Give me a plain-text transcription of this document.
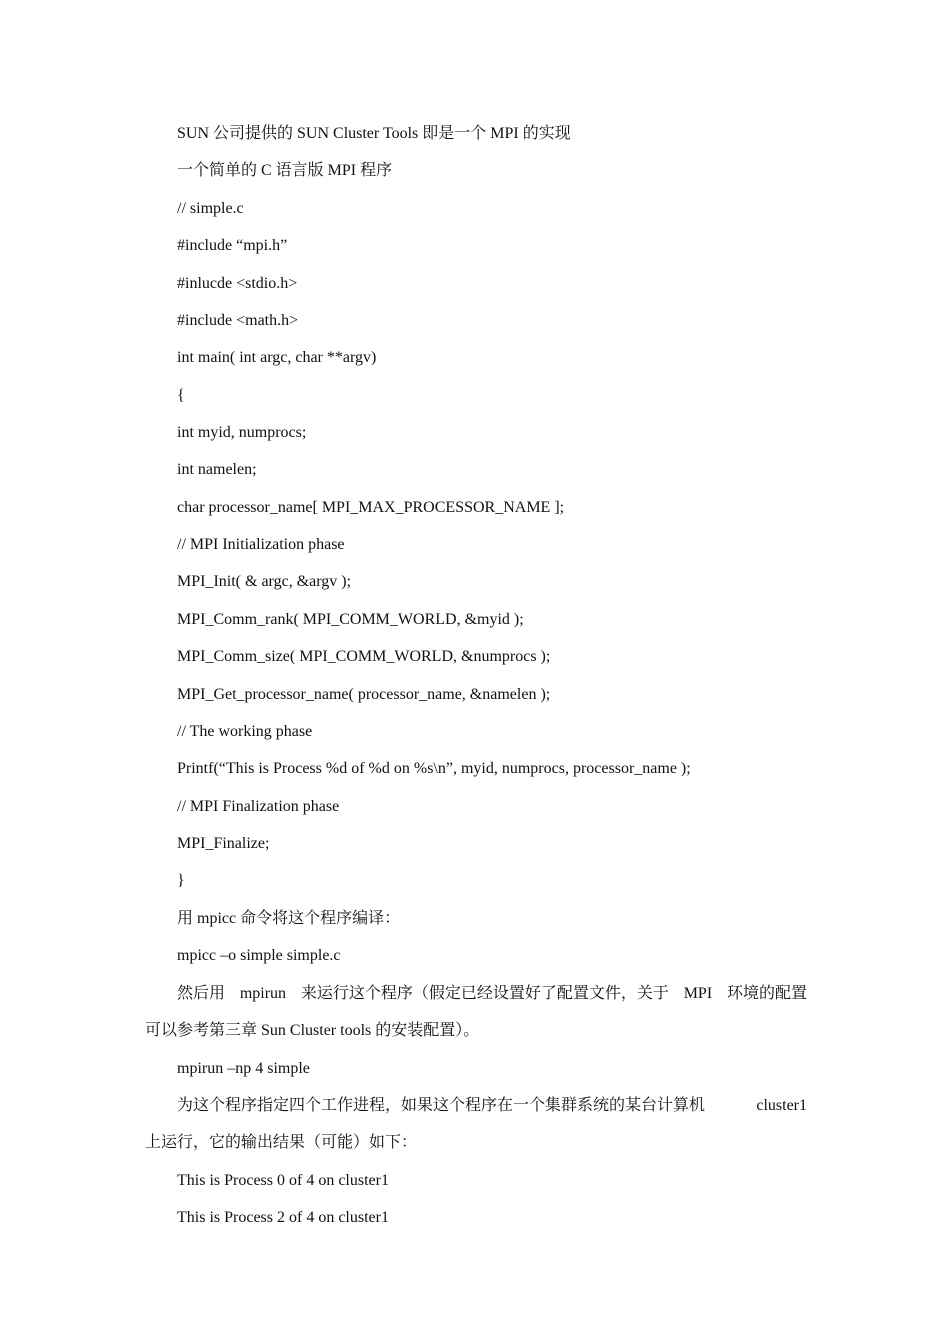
SUN 公司提供的 SUN Cluster Tools 即是一个 MPI 的实现
一个简单的 C 语言版 MPI 程序
// simple.c
#include “mpi.h”
#inlucde <stdio.h>
#include <math.h>
int main( int argc, char **argv)
{
int myid, numprocs;
int namelen;
char processor_name[ MPI_MAX_PROCESSOR_NAME ];
// MPI Initialization phase
MPI_Init( & argc, &argv );
MPI_Comm_rank( MPI_COMM_WORLD, &myid );
MPI_Comm_size( MPI_COMM_WORLD, &numprocs );
MPI_Get_processor_name( processor_name, &namelen );
// The working phase
Printf(“This is Process %d of %d on %s\n”, myid, numprocs, processor_name );
// MPI Finalization phase
MPI_Finalize;
}
用 mpicc 命令将这个程序编译：
mpicc –o simple simple.c
然后用 mpirun 来运行这个程序（假定已经设置好了配置文件，关于 MPI 环境的配置
可以参考第三章 Sun Cluster tools 的安装配置）。
mpirun –np 4 simple
为这个程序指定四个工作进程，如果这个程序在一个集群系统的某台计算机	cluster1
上运行，它的输出结果（可能）如下：
This is Process 0 of 4 on cluster1
This is Process 2 of 4 on cluster1
